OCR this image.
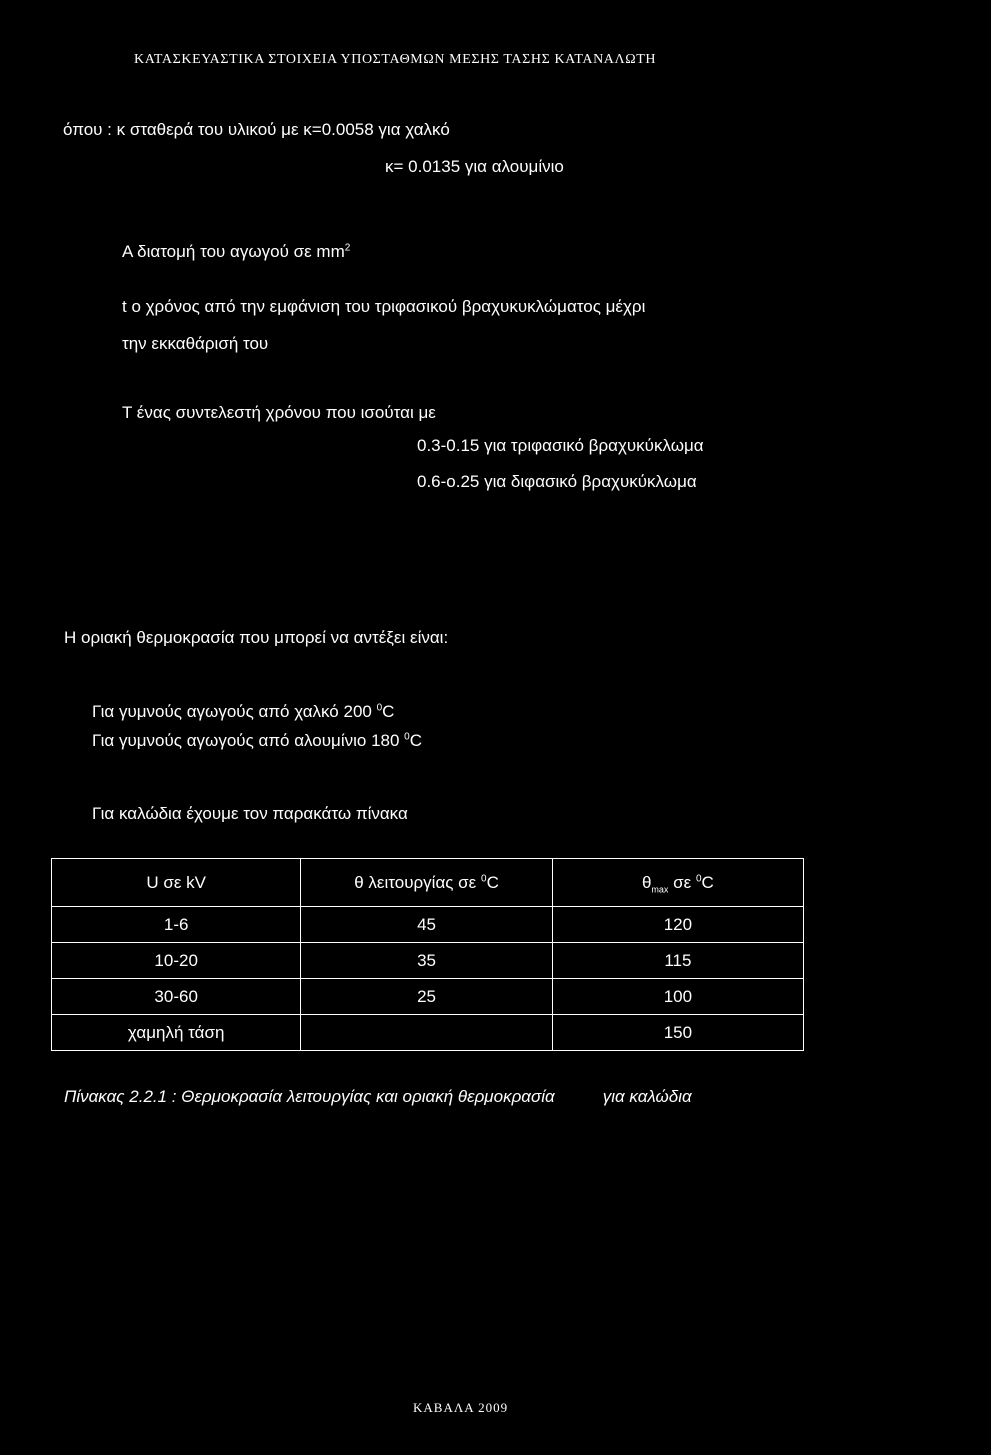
ΚΑΤΑΣΚΕΥΑΣΤΙΚΑ ΣΤΟΙΧΕΙΑ ΥΠΟΣΤΑΘΜΩΝ ΜΕΣΗΣ ΤΑΣΗΣ ΚΑΤΑΝΑΛΩΤΗ
όπου : κ σταθερά του υλικού με κ=0.0058 για χαλκό
κ= 0.0135 για αλουμίνιο
A διατομή του αγωγού σε $mm^2$
t ο χρόνος από την εμφάνιση του τριφασικού βραχυκυκλώματος μέχρι
την εκκαθάρισή του
T ένας συντελεστή χρόνου που ισούται με
0.3-0.15 για τριφασικό βραχυκύκλωμα
0.6-o.25 για διφασικό βραχυκύκλωμα
Η οριακή θερμοκρασία που μπορεί να αντέξει είναι:
Για γυμνούς αγωγούς από χαλκό 200 $^0$C
Για γυμνούς αγωγούς από αλουμίνιο 180 $^0$C
Για καλώδια έχουμε τον παρακάτω πίνακα
U σε kV	θ λειτουργίας σε $^0$C	$\theta_{max}$ σε $^0$C
1-6	45	120
10-20	35	115
30-60	25	100
χαμηλή τάση		150
Πίνακας 2.2.1 : Θερμοκρασία λειτουργίας και οριακή θερμοκρασία	για καλώδια
ΚΑΒΑΛΑ 2009
